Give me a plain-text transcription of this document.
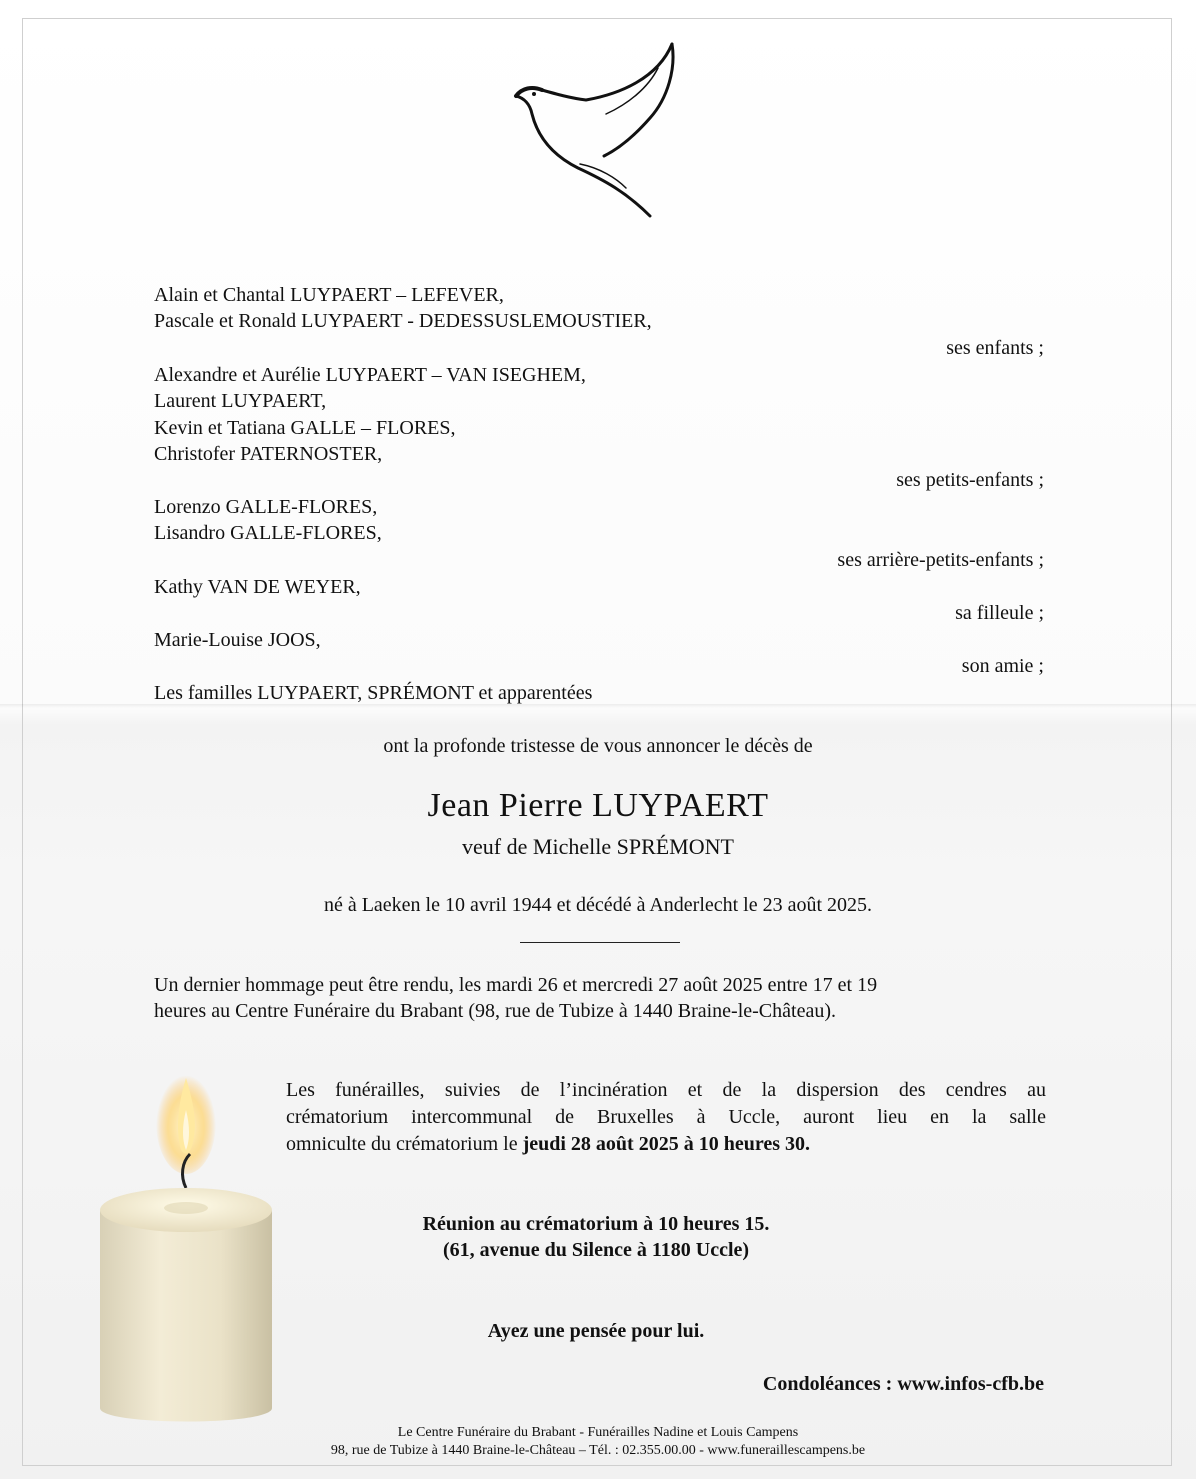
Alain et Chantal LUYPAERT – LEFEVER,
Pascale et Ronald LUYPAERT - DEDESSUSLEMOUSTIER,
ses enfants ;
Alexandre et Aurélie LUYPAERT – VAN ISEGHEM,
Laurent LUYPAERT,
Kevin et Tatiana GALLE – FLORES,
Christofer PATERNOSTER,
ses petits-enfants ;
Lorenzo GALLE-FLORES,
Lisandro GALLE-FLORES,
ses arrière-petits-enfants ;
Kathy VAN DE WEYER,
sa filleule ;
Marie-Louise JOOS,
son amie ;
Les familles LUYPAERT, SPRÉMONT et apparentées
ont la profonde tristesse de vous annoncer le décès de
Jean Pierre LUYPAERT
veuf de Michelle SPRÉMONT
né à Laeken le 10 avril 1944 et décédé à Anderlecht le 23 août 2025.
Un dernier hommage peut être rendu, les mardi 26 et mercredi 27 août 2025 entre 17 et 19
heures au Centre Funéraire du Brabant (98, rue de Tubize à 1440 Braine-le-Château).
Les funérailles, suivies de l’incinération et de la dispersion des cendres au
crématorium intercommunal de Bruxelles à Uccle, auront lieu en la salle
omniculte du crématorium le jeudi 28 août 2025 à 10 heures 30.
Réunion au crématorium à 10 heures 15.
(61, avenue du Silence à 1180 Uccle)
Ayez une pensée pour lui.
Condoléances : www.infos-cfb.be
Le Centre Funéraire du Brabant - Funérailles Nadine et Louis Campens
98, rue de Tubize à 1440 Braine-le-Château – Tél. : 02.355.00.00 - www.funeraillescampens.be
